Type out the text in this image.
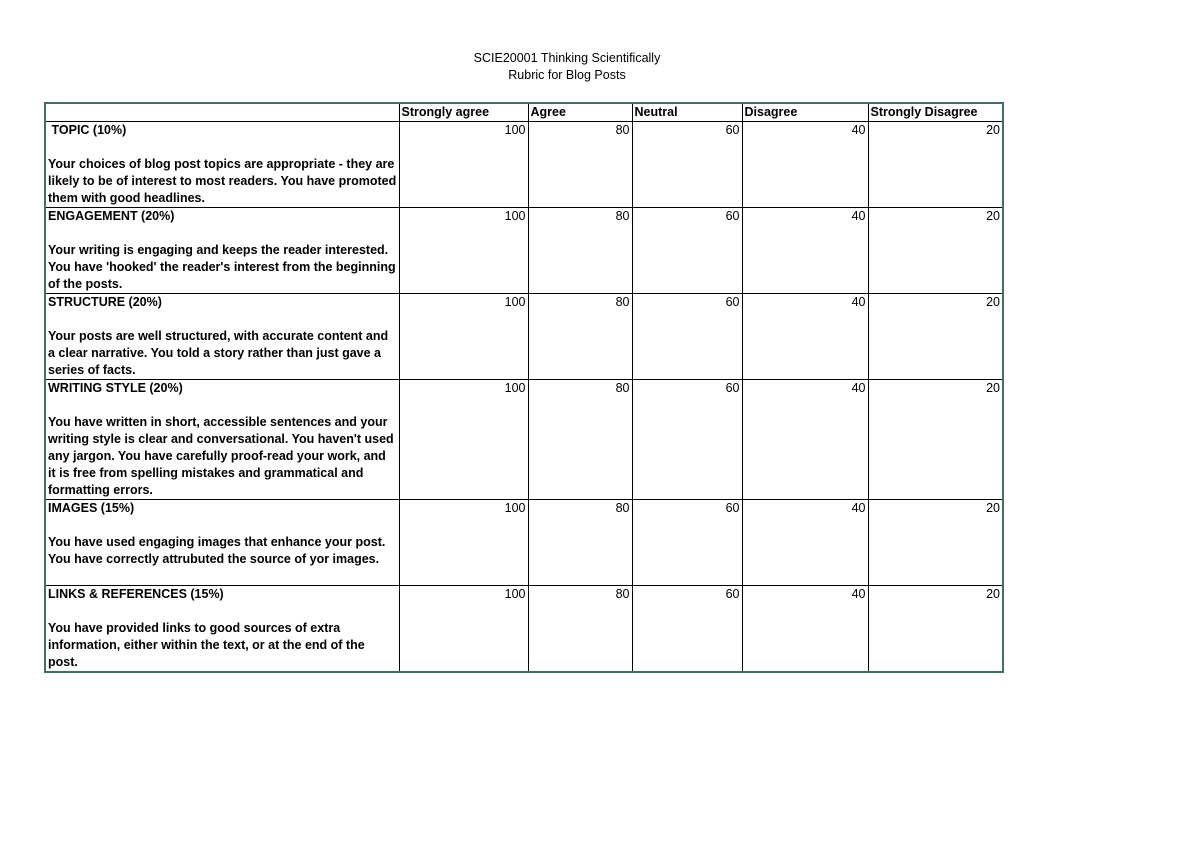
SCIE20001 Thinking Scientifically
Rubric for Blog Posts
	Strongly agree	Agree	Neutral	Disagree	Strongly Disagree

TOPIC (10%)
Your choices of blog post topics are appropriate - they are likely to be of interest to most readers. You have promoted them with good headlines.	100	80	60	40	20

ENGAGEMENT (20%)
Your writing is engaging and keeps the reader interested. You have 'hooked' the reader's interest from the beginning of the posts.	100	80	60	40	20

STRUCTURE (20%)
Your posts are well structured, with accurate content and a clear narrative. You told a story rather than just gave a series of facts.	100	80	60	40	20

WRITING STYLE (20%)
You have written in short, accessible sentences and your writing style is clear and conversational. You haven't used any jargon. You have carefully proof-read your work, and it is free from spelling mistakes and grammatical and formatting errors.	100	80	60	40	20

IMAGES (15%)
You have used engaging images that enhance your post. You have correctly attrubuted the source of yor images.	100	80	60	40	20

LINKS & REFERENCES (15%)
You have provided links to good sources of extra information, either within the text, or at the end of the post.	100	80	60	40	20
